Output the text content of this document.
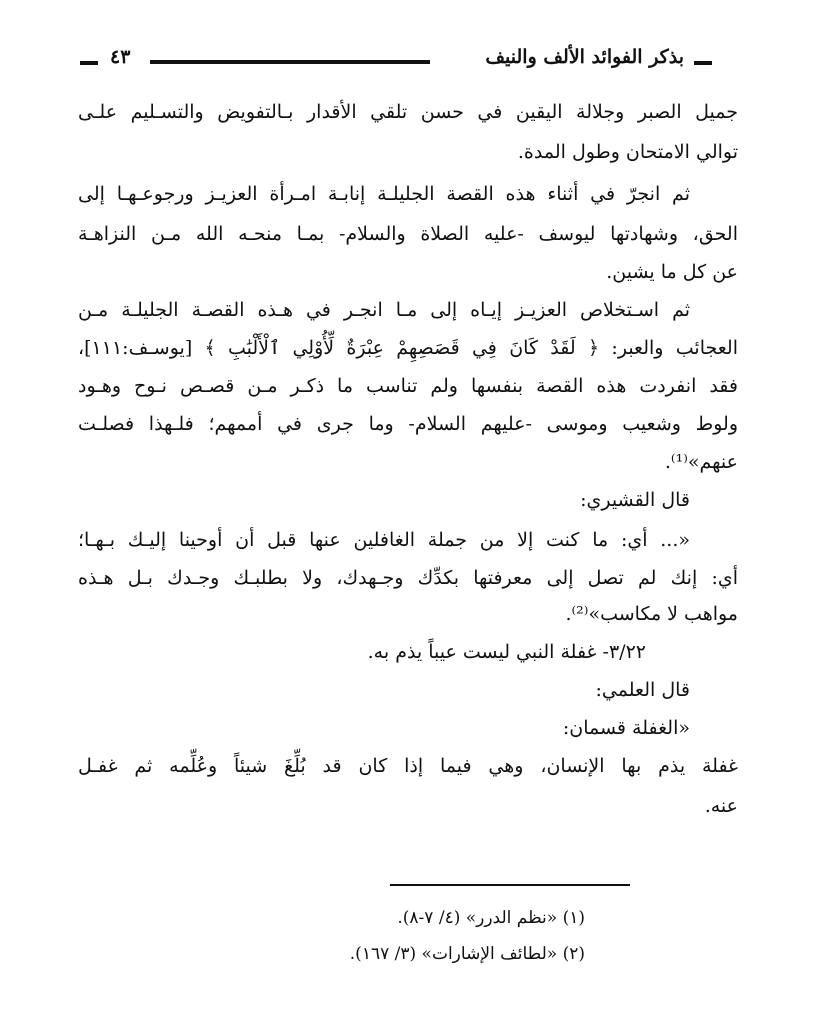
بذكر الفوائد الألف والنيف
٤٣
جميل الصبر وجلالة اليقين في حسن تلقي الأقدار بـالتفويض والتسـليم علـى
توالي الامتحان وطول المدة.
ثم انجرّ في أثناء هذه القصة الجليلـة إنابـة امـرأة العزيـز ورجوعـهـا إلى
الحق، وشهادتها ليوسف -عليه الصلاة والسلام- بمـا منحـه الله مـن النزاهـة
عن كل ما يشين.
ثم اسـتخلاص العزيـز إيـاه إلى مـا انجـر في هـذه القصـة الجليلـة مـن
العجائب والعبر: ﴿ لَقَدْ كَانَ فِي قَصَصِهِمْ عِبْرَةٌ لِّأُوْلِي ٱلْأَلْبَٰبِ ﴾ [يوسـف:١١١]،
فقد انفردت هذه القصة بنفسها ولم تناسب ما ذكـر مـن قصـص نـوح وهـود
ولوط وشعيب وموسى -عليهم السلام- وما جرى في أممهم؛ فلـهذا فصلـت
عنهم»⁽¹⁾.
قال القشيري:
«... أي: ما كنت إلا من جملة الغافلين عنها قبل أن أوحينا إليـك بـهـا؛
أي: إنك لم تصل إلى معرفتها بكدِّك وجـهدك، ولا بطلبـك وجـدك بـل هـذه
مواهب لا مكاسب»⁽²⁾.
٣/٢٢- غفلة النبي ليست عيباً يذم به.
قال العلمي:
«الغفلة قسمان:
غفلة يذم بها الإنسان، وهي فيما إذا كان قد بُلِّغَ شيئاً وعُلِّمه ثم غفـل
عنه.
(١) «نظم الدرر» (٤/ ٧-٨).
(٢) «لطائف الإشارات» (٣/ ١٦٧).
